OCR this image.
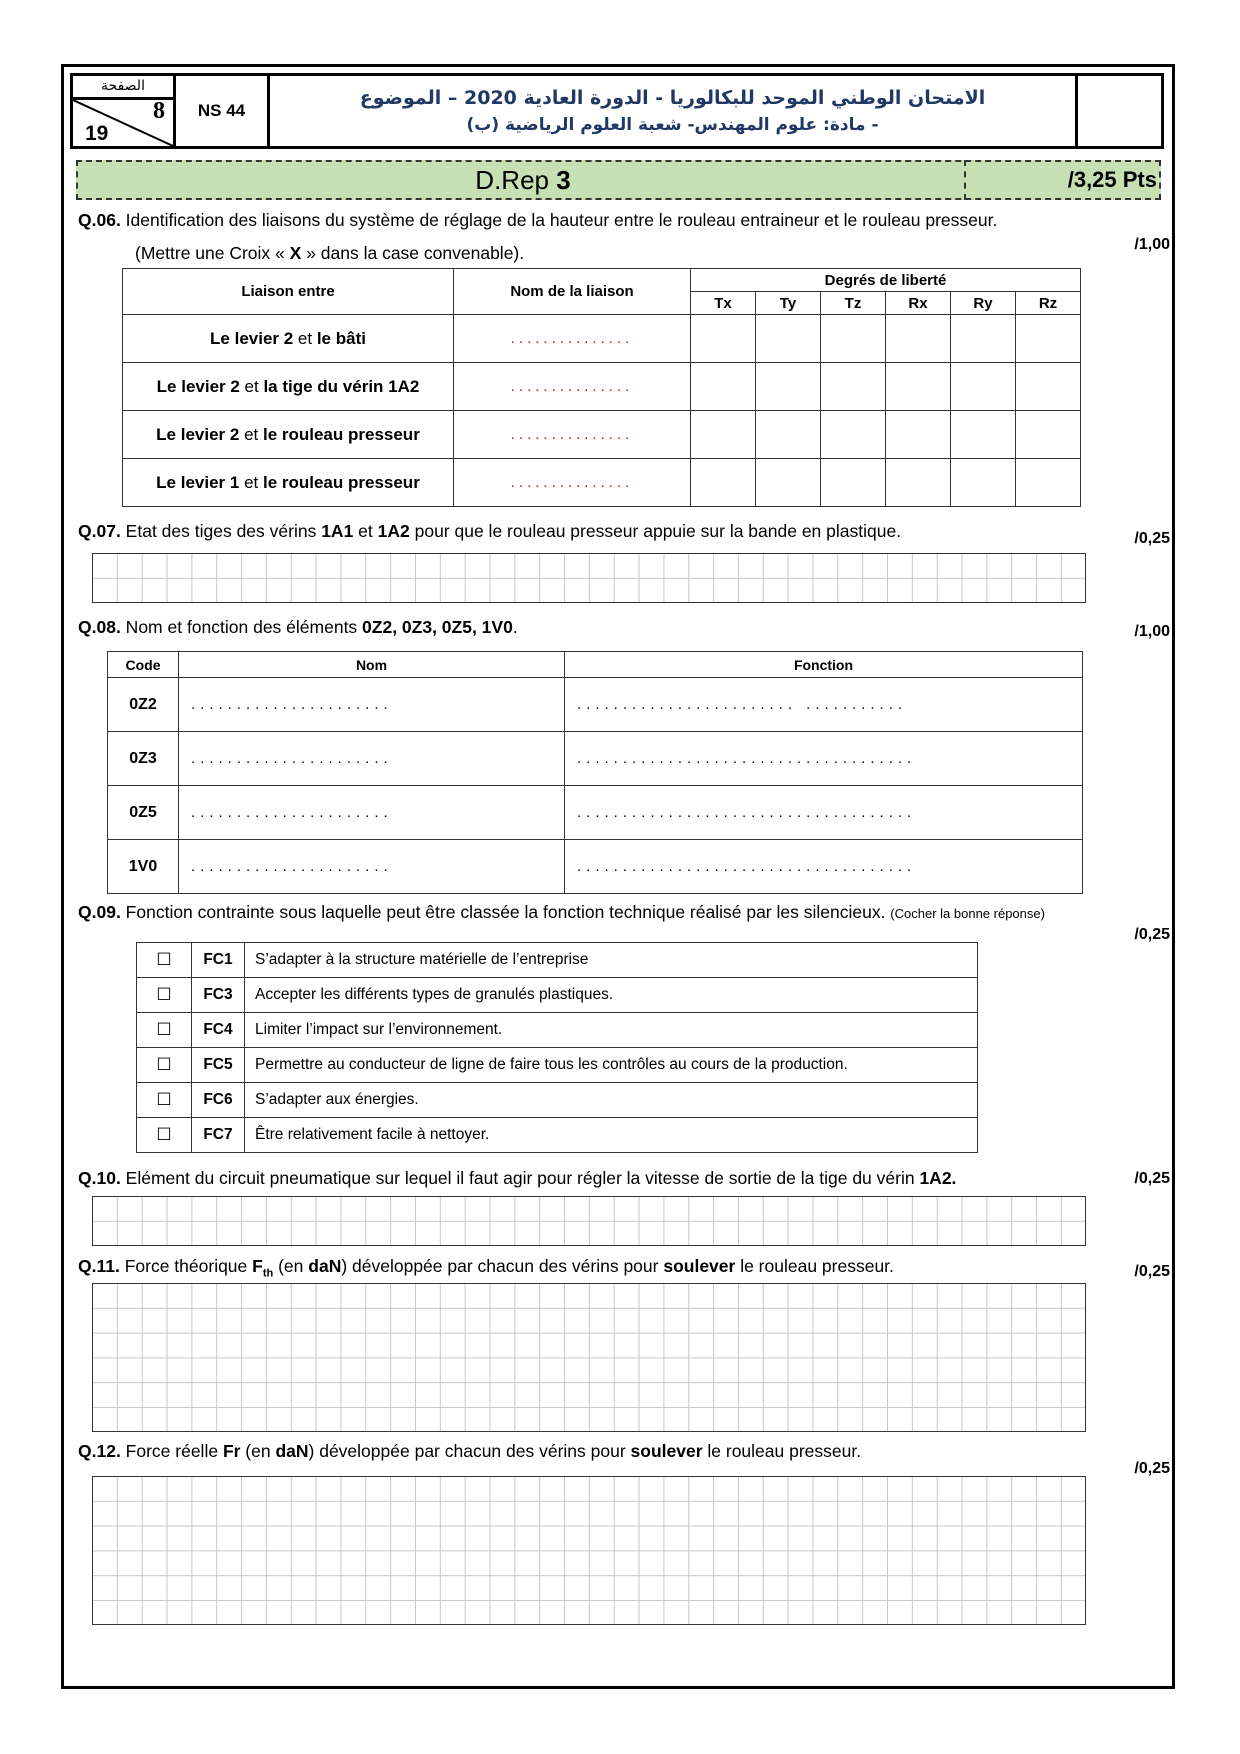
الصفحة
8
19
NS 44
الامتحان الوطني الموحد للبكالوريا - الدورة العادية 2020 – الموضوع
- مادة: علوم المهندس- شعبة العلوم الرياضية (ب)
D.Rep 3	/3,25 Pts
Q.06. Identification des liaisons du système de réglage de la hauteur entre le rouleau entraineur et le rouleau presseur.
(Mettre une Croix « X » dans la case convenable).	/1,00
Liaison entre	Nom de la liaison	Degrés de liberté					
		Tx	Ty	Tz	Rx	Ry	Rz
Le levier 2 et le bâti	...............						
Le levier 2 et la tige du vérin 1A2	...............						
Le levier 2 et le rouleau presseur	...............						
Le levier 1 et le rouleau presseur	...............						
Q.07. Etat des tiges des vérins 1A1 et 1A2 pour que le rouleau presseur appuie sur la bande en plastique.	/0,25
Q.08. Nom et fonction des éléments 0Z2, 0Z3, 0Z5, 1V0.	/1,00
Code	Nom	Fonction
0Z2	......................	........................ ...........
0Z3	......................	.....................................
0Z5	......................	.....................................
1V0	......................	.....................................
Q.09. Fonction contrainte sous laquelle peut être classée la fonction technique réalisé par les silencieux. (Cocher la bonne réponse)
/0,25
☐	FC1	S’adapter à la structure matérielle de l’entreprise
☐	FC3	Accepter les différents types de granulés plastiques.
☐	FC4	Limiter l’impact sur l’environnement.
☐	FC5	Permettre au conducteur de ligne de faire tous les contrôles au cours de la production.
☐	FC6	S’adapter aux énergies.
☐	FC7	Être relativement facile à nettoyer.
Q.10. Elément du circuit pneumatique sur lequel il faut agir pour régler la vitesse de sortie de la tige du vérin 1A2.	/0,25
Q.11. Force théorique $F_{th}$ (en daN) développée par chacun des vérins pour soulever le rouleau presseur.	/0,25
Q.12. Force réelle Fr (en daN) développée par chacun des vérins pour soulever le rouleau presseur.
/0,25
